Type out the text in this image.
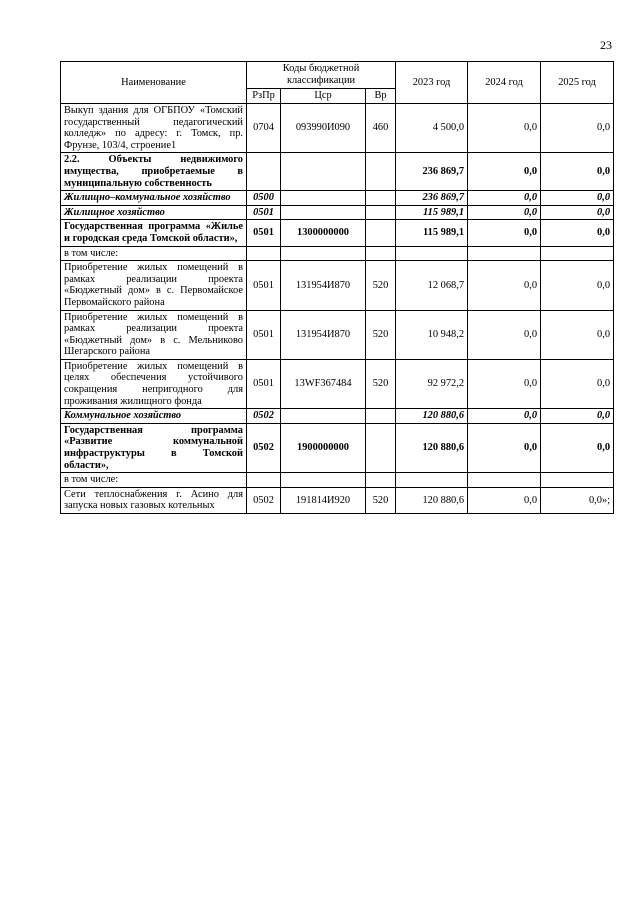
23
Наименование	Коды бюджетной классификации			2023 год	2024 год	2025 год
	РзПр	Цср	Вр			
Выкуп здания для ОГБПОУ «Томский государственный педагогический колледж» по адресу: г. Томск, пр. Фрунзе, 103/4, строение1	0704	093990И090	460	4 500,0	0,0	0,0
2.2. Объекты недвижимого имущества, приобретаемые в муниципальную собственность				236 869,7	0,0	0,0
Жилищно–коммунальное хозяйство	0500			236 869,7	0,0	0,0
Жилищное хозяйство	0501			115 989,1	0,0	0,0
Государственная программа «Жилье и городская среда Томской области»,	0501	1300000000		115 989,1	0,0	0,0
в том числе:						
Приобретение жилых помещений в рамках реализации проекта «Бюджетный дом» в с. Первомайское Первомайского района	0501	131954И870	520	12 068,7	0,0	0,0
Приобретение жилых помещений в рамках реализации проекта «Бюджетный дом» в с. Мельниково Шегарского района	0501	131954И870	520	10 948,2	0,0	0,0
Приобретение жилых помещений в целях обеспечения устойчивого сокращения непригодного для проживания жилищного фонда	0501	13WF367484	520	92 972,2	0,0	0,0
Коммунальное хозяйство	0502			120 880,6	0,0	0,0
Государственная программа «Развитие коммунальной инфраструктуры в Томской области»,	0502	1900000000		120 880,6	0,0	0,0
в том числе:						
Сети теплоснабжения г. Асино для запуска новых газовых котельных	0502	191814И920	520	120 880,6	0,0	0,0»;
